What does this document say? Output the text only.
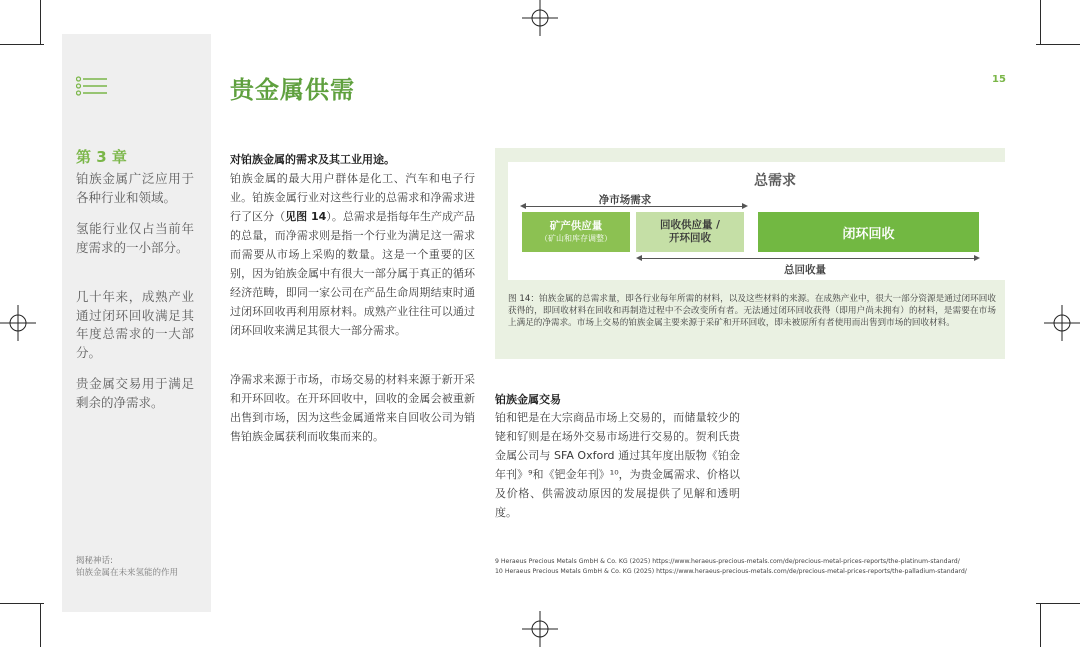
第 3 章
铂族金属广泛应用于各种行业和领域。
氢能行业仅占当前年度需求的一小部分。
几十年来，成熟产业通过闭环回收满足其年度总需求的一大部分。
贵金属交易用于满足剩余的净需求。
揭秘神话:
铂族金属在未来氢能的作用
贵金属供需	15
对铂族金属的需求及其工业用途。
铂族金属的最大用户群体是化工、汽车和电子行业。铂族金属行业对这些行业的总需求和净需求进行了区分（见图 14）。总需求是指每年生产成产品的总量，而净需求则是指一个行业为满足这一需求而需要从市场上采购的数量。这是一个重要的区别，因为铂族金属中有很大一部分属于真正的循环经济范畴，即同一家公司在产品生命周期结束时通过闭环回收再利用原材料。成熟产业往往可以通过闭环回收来满足其很大一部分需求。
净需求来源于市场，市场交易的材料来源于新开采和开环回收。在开环回收中，回收的金属会被重新出售到市场，因为这些金属通常来自回收公司为销售铂族金属获利而收集而来的。
总需求
净市场需求
矿产供应量
（矿山和库存调整）
回收供应量 /
开环回收	闭环回收
总回收量
图 14：铂族金属的总需求量，即各行业每年所需的材料，以及这些材料的来源。在成熟产业中，很大一部分资源是通过闭环回收获得的，即回收材料在回收和再制造过程中不会改变所有者。无法通过闭环回收获得（即用户尚未拥有）的材料，是需要在市场上满足的净需求。市场上交易的铂族金属主要来源于采矿和开环回收，即未被原所有者使用而出售到市场的回收材料。
铂族金属交易
铂和钯是在大宗商品市场上交易的，而储量较少的铑和钌则是在场外交易市场进行交易的。贺利氏贵金属公司与 SFA Oxford 通过其年度出版物《铂金年刊》⁹和《钯金年刊》¹⁰，为贵金属需求、价格以及价格、供需波动原因的发展提供了见解和透明度。
9 Heraeus Precious Metals GmbH & Co. KG (2025) https://www.heraeus-precious-metals.com/de/precious-metal-prices-reports/the-platinum-standard/
10 Heraeus Precious Metals GmbH & Co. KG (2025) https://www.heraeus-precious-metals.com/de/precious-metal-prices-reports/the-palladium-standard/
